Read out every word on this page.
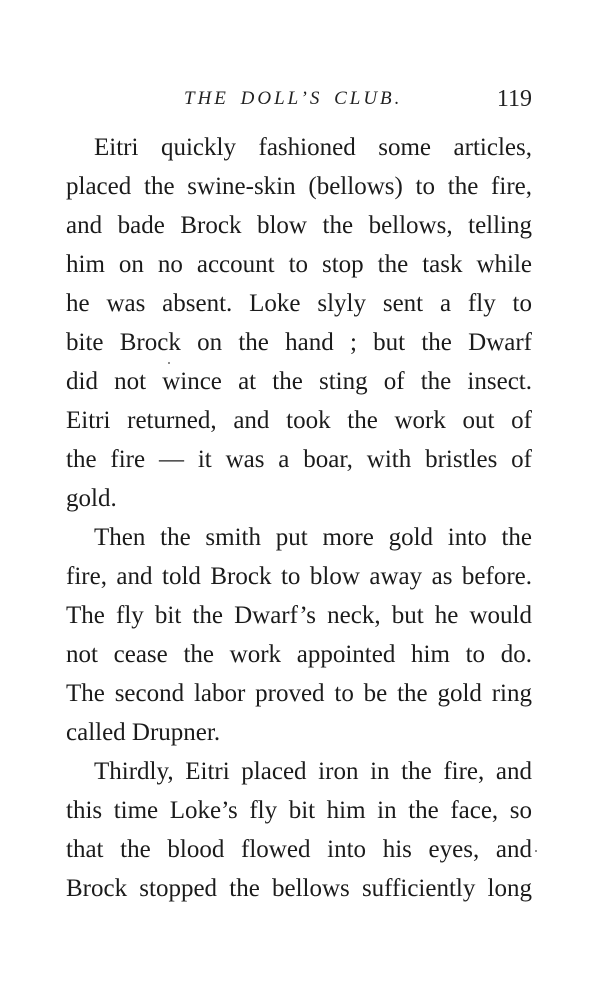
THE DOLL’S CLUB.	119
Eitri quickly fashioned some articles,
placed the swine-skin (bellows) to the fire,
and bade Brock blow the bellows, telling
him on no account to stop the task while
he was absent. Loke slyly sent a fly to
bite Brock on the hand ; but the Dwarf
did not wince at the sting of the insect.
Eitri returned, and took the work out of
the fire — it was a boar, with bristles of
gold.
Then the smith put more gold into the
fire, and told Brock to blow away as before.
The fly bit the Dwarf’s neck, but he would
not cease the work appointed him to do.
The second labor proved to be the gold ring
called Drupner.
Thirdly, Eitri placed iron in the fire, and
this time Loke’s fly bit him in the face, so
that the blood flowed into his eyes, and
Brock stopped the bellows sufficiently long
